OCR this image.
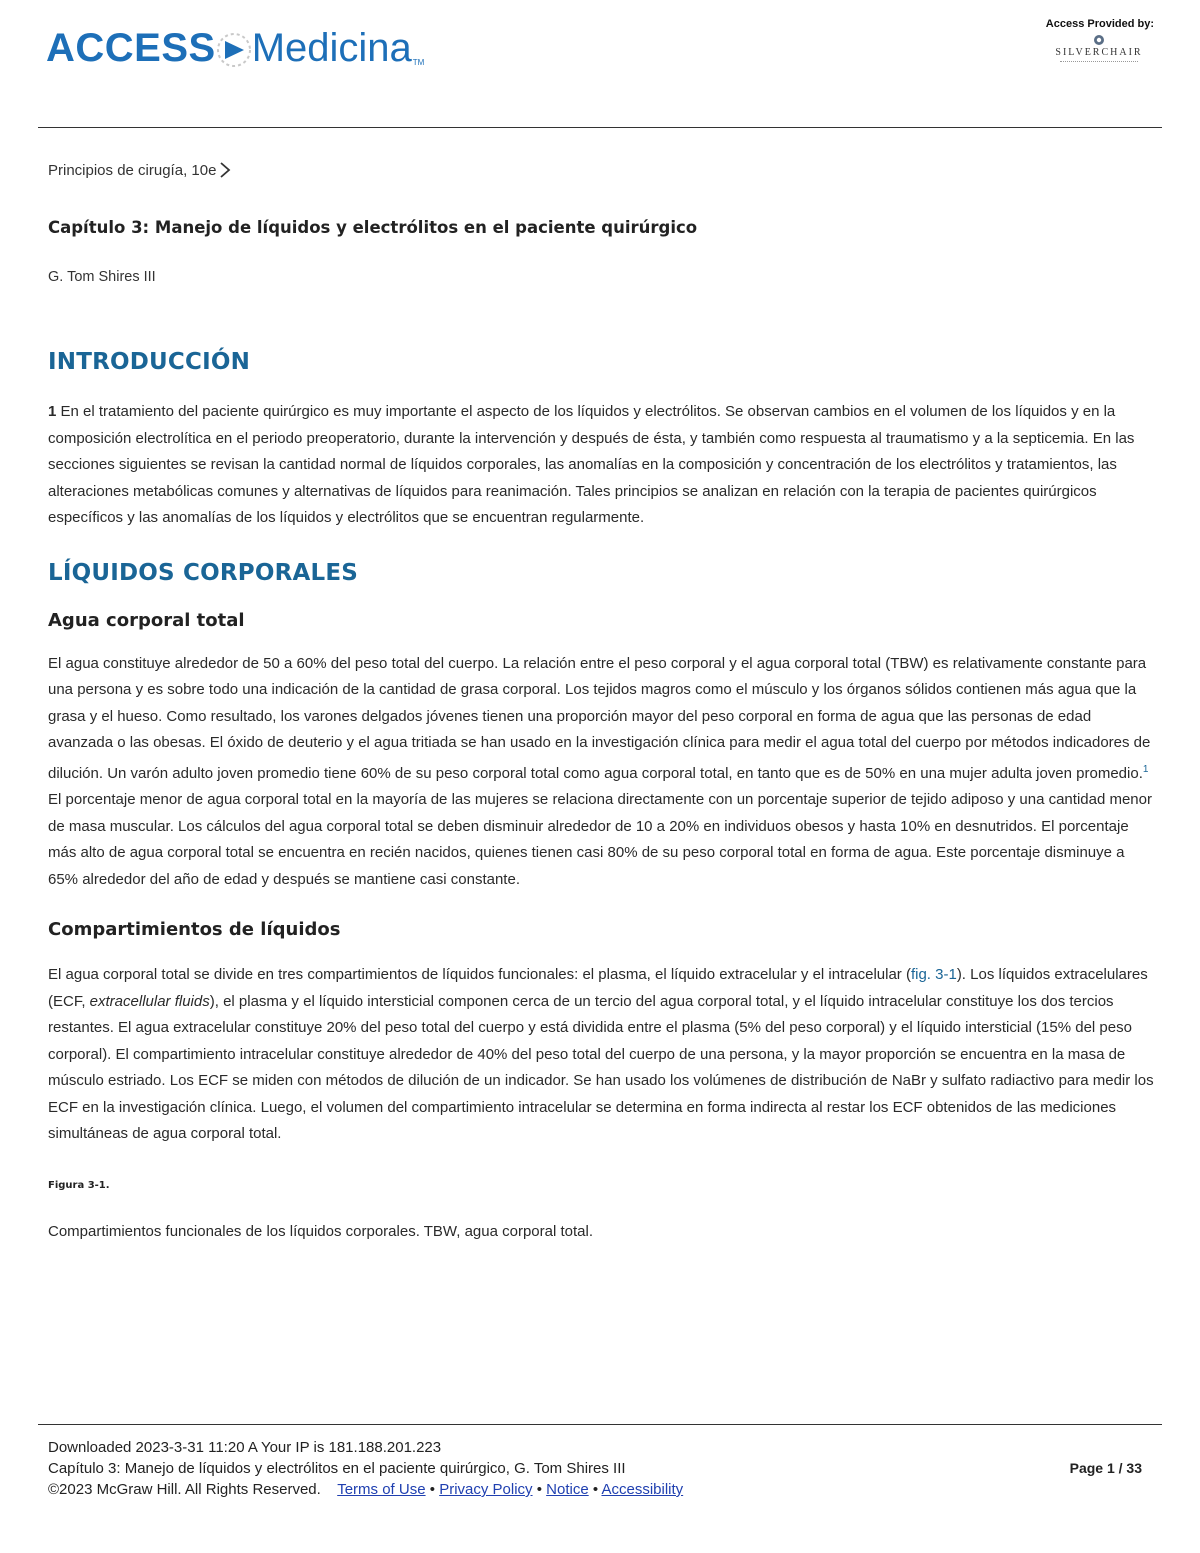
ACCESS Medicina TM
Access Provided by:
SILVERCHAIR
Principios de cirugía, 10e
Capítulo 3: Manejo de líquidos y electrólitos en el paciente quirúrgico
G. Tom Shires III
INTRODUCCIÓN

1 En el tratamiento del paciente quirúrgico es muy importante el aspecto de los líquidos y electrólitos. Se observan cambios en el volumen de los líquidos y en la composición electrolítica en el periodo preoperatorio, durante la intervención y después de ésta, y también como respuesta al traumatismo y a la septicemia. En las secciones siguientes se revisan la cantidad normal de líquidos corporales, las anomalías en la composición y concentración de los electrólitos y tratamientos, las alteraciones metabólicas comunes y alternativas de líquidos para reanimación. Tales principios se analizan en relación con la terapia de pacientes quirúrgicos específicos y las anomalías de los líquidos y electrólitos que se encuentran regularmente.

LÍQUIDOS CORPORALES
Agua corporal total

El agua constituye alrededor de 50 a 60% del peso total del cuerpo. La relación entre el peso corporal y el agua corporal total (TBW) es relativamente constante para una persona y es sobre todo una indicación de la cantidad de grasa corporal. Los tejidos magros como el músculo y los órganos sólidos contienen más agua que la grasa y el hueso. Como resultado, los varones delgados jóvenes tienen una proporción mayor del peso corporal en forma de agua que las personas de edad avanzada o las obesas. El óxido de deuterio y el agua tritiada se han usado en la investigación clínica para medir el agua total del cuerpo por métodos indicadores de dilución. Un varón adulto joven promedio tiene 60% de su peso corporal total como agua corporal total, en tanto que es de 50% en una mujer adulta joven promedio.$^1$ El porcentaje menor de agua corporal total en la mayoría de las mujeres se relaciona directamente con un porcentaje superior de tejido adiposo y una cantidad menor de masa muscular. Los cálculos del agua corporal total se deben disminuir alrededor de 10 a 20% en individuos obesos y hasta 10% en desnutridos. El porcentaje más alto de agua corporal total se encuentra en recién nacidos, quienes tienen casi 80% de su peso corporal total en forma de agua. Este porcentaje disminuye a 65% alrededor del año de edad y después se mantiene casi constante.

Compartimientos de líquidos

El agua corporal total se divide en tres compartimientos de líquidos funcionales: el plasma, el líquido extracelular y el intracelular (fig. 3-1). Los líquidos extracelulares (ECF, extracellular fluids), el plasma y el líquido intersticial componen cerca de un tercio del agua corporal total, y el líquido intracelular constituye los dos tercios restantes. El agua extracelular constituye 20% del peso total del cuerpo y está dividida entre el plasma (5% del peso corporal) y el líquido intersticial (15% del peso corporal). El compartimiento intracelular constituye alrededor de 40% del peso total del cuerpo de una persona, y la mayor proporción se encuentra en la masa de músculo estriado. Los ECF se miden con métodos de dilución de un indicador. Se han usado los volúmenes de distribución de NaBr y sulfato radiactivo para medir los ECF en la investigación clínica. Luego, el volumen del compartimiento intracelular se determina en forma indirecta al restar los ECF obtenidos de las mediciones simultáneas de agua corporal total.

Figura 3-1.
Compartimientos funcionales de los líquidos corporales. TBW, agua corporal total.
Downloaded 2023-3-31 11:20 A Your IP is 181.188.201.223
Capítulo 3: Manejo de líquidos y electrólitos en el paciente quirúrgico, G. Tom Shires III
©2023 McGraw Hill. All Rights Reserved. Terms of Use • Privacy Policy • Notice • Accessibility
Page 1 / 33
